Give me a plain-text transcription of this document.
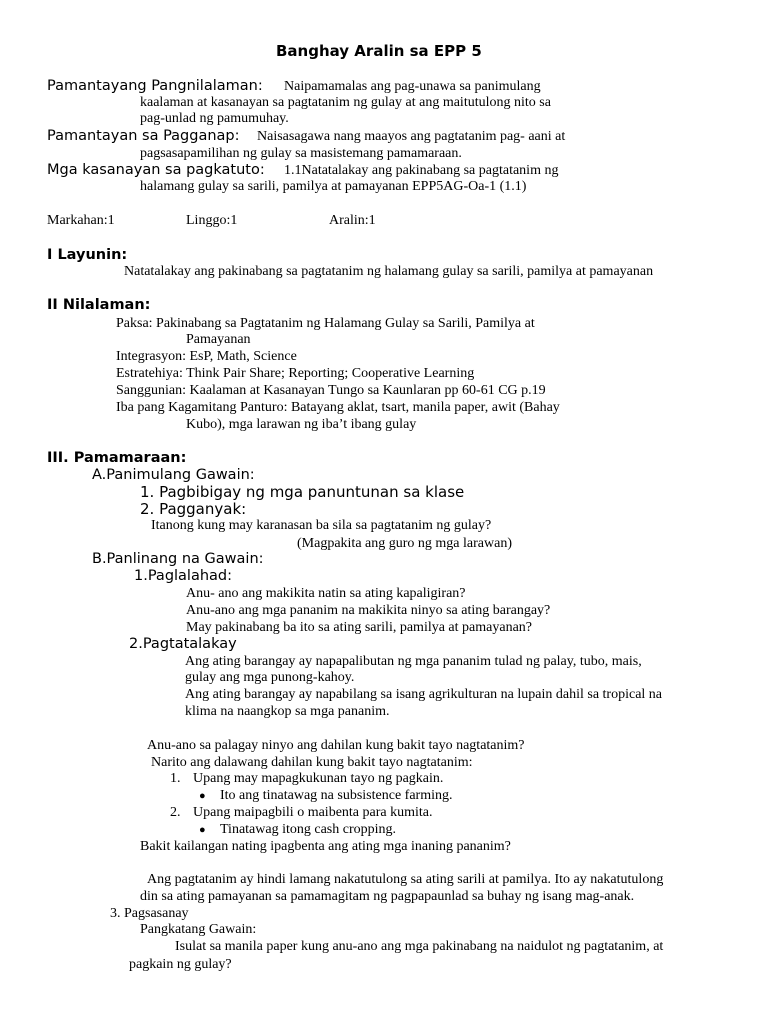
Banghay Aralin sa EPP 5
Pamantayang Pangnilalaman: Naipamamalas ang pag-unawa sa panimulang
kaalaman at kasanayan sa pagtatanim ng gulay at ang maitutulong nito sa
pag-unlad ng pamumuhay.
Pamantayan sa Pagganap: Naisasagawa nang maayos ang pagtatanim pag- aani at
pagsasapamilihan ng gulay sa masistemang pamamaraan.
Mga kasanayan sa pagkatuto: 1.1Natatalakay ang pakinabang sa pagtatanim ng
halamang gulay sa sarili, pamilya at pamayanan EPP5AG-Oa-1 (1.1)
Markahan:1	Linggo:1	Aralin:1
I Layunin:
Natatalakay ang pakinabang sa pagtatanim ng halamang gulay sa sarili, pamilya at pamayanan
II Nilalaman:
Paksa: Pakinabang sa Pagtatanim ng Halamang Gulay sa Sarili, Pamilya at
Pamayanan
Integrasyon: EsP, Math, Science
Estratehiya: Think Pair Share; Reporting; Cooperative Learning
Sanggunian: Kaalaman at Kasanayan Tungo sa Kaunlaran pp 60-61 CG p.19
Iba pang Kagamitang Panturo: Batayang aklat, tsart, manila paper, awit (Bahay
Kubo), mga larawan ng iba’t ibang gulay
III. Pamamaraan:
A.Panimulang Gawain:
1. Pagbibigay ng mga panuntunan sa klase
2. Pagganyak:
Itanong kung may karanasan ba sila sa pagtatanim ng gulay?
(Magpakita ang guro ng mga larawan)
B.Panlinang na Gawain:
1.Paglalahad:
Anu- ano ang makikita natin sa ating kapaligiran?
Anu-ano ang mga pananim na makikita ninyo sa ating barangay?
May pakinabang ba ito sa ating sarili, pamilya at pamayanan?
2.Pagtatalakay
Ang ating barangay ay napapalibutan ng mga pananim tulad ng palay, tubo, mais,
gulay ang mga punong-kahoy.
Ang ating barangay ay napabilang sa isang agrikulturan na lupain dahil sa tropical na
klima na naangkop sa mga pananim.
Anu-ano sa palagay ninyo ang dahilan kung bakit tayo nagtatanim?
Narito ang dalawang dahilan kung bakit tayo nagtatanim:
1. Upang may mapagkukunan tayo ng pagkain.
● Ito ang tinatawag na subsistence farming.
2. Upang maipagbili o maibenta para kumita.
● Tinatawag itong cash cropping.
Bakit kailangan nating ipagbenta ang ating mga inaning pananim?
Ang pagtatanim ay hindi lamang nakatutulong sa ating sarili at pamilya. Ito ay nakatutulong
din sa ating pamayanan sa pamamagitam ng pagpapaunlad sa buhay ng isang mag-anak.
3. Pagsasanay
Pangkatang Gawain:
Isulat sa manila paper kung anu-ano ang mga pakinabang na naidulot ng pagtatanim, at
pagkain ng gulay?
